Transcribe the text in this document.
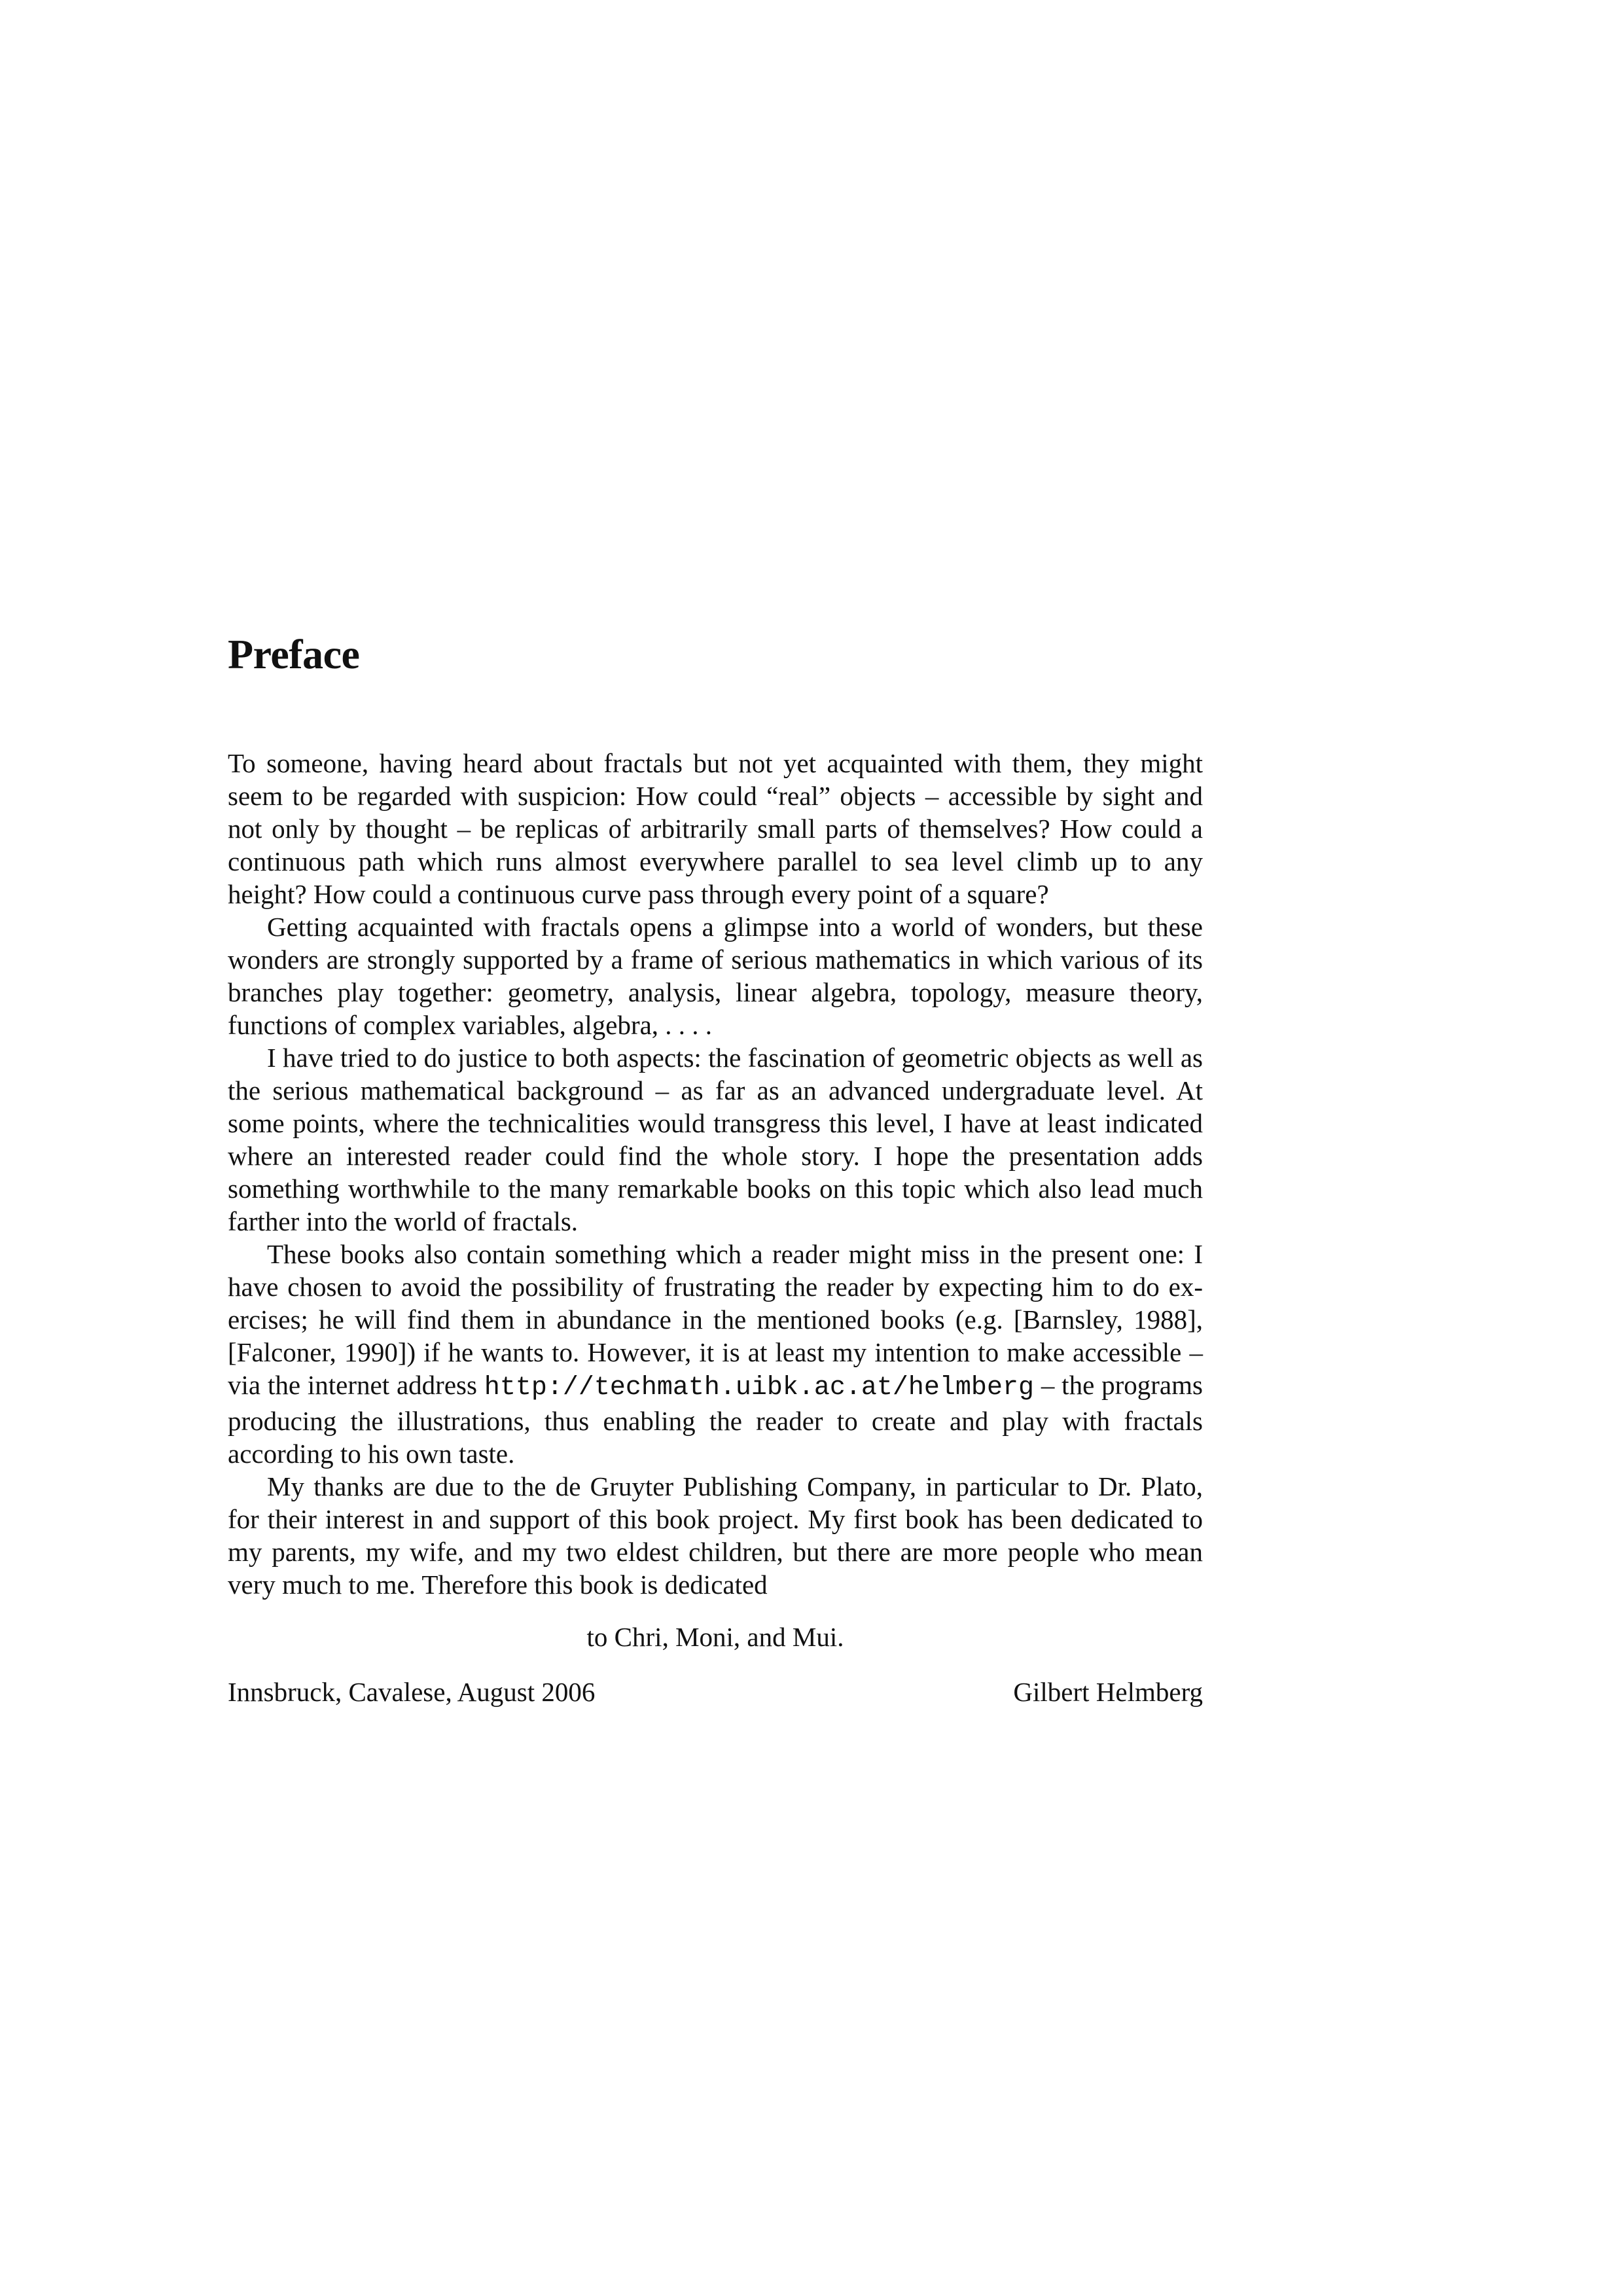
Preface

To someone, having heard about fractals but not yet acquainted with them, they might seem to be regarded with suspicion: How could “real” objects – accessible by sight and not only by thought – be replicas of arbitrarily small parts of themselves? How could a continuous path which runs almost everywhere parallel to sea level climb up to any height? How could a continuous curve pass through every point of a square?

Getting acquainted with fractals opens a glimpse into a world of wonders, but these wonders are strongly supported by a frame of serious mathematics in which various of its branches play together: geometry, analysis, linear algebra, topology, measure theory, functions of complex variables, algebra, . . . .

I have tried to do justice to both aspects: the fascination of geometric objects as well as the serious mathematical background – as far as an advanced undergraduate level. At some points, where the technicalities would transgress this level, I have at least indicated where an interested reader could find the whole story. I hope the presentation adds something worthwhile to the many remarkable books on this topic which also lead much farther into the world of fractals.

These books also contain something which a reader might miss in the present one: I have chosen to avoid the possibility of frustrating the reader by expecting him to do exercises; he will find them in abundance in the mentioned books (e.g. [Barnsley, 1988], [Falconer, 1990]) if he wants to. However, it is at least my intention to make accessible – via the internet address http://techmath.uibk.ac.at/helmberg – the programs producing the illustrations, thus enabling the reader to create and play with fractals according to his own taste.

My thanks are due to the de Gruyter Publishing Company, in particular to Dr. Plato, for their interest in and support of this book project. My first book has been dedicated to my parents, my wife, and my two eldest children, but there are more people who mean very much to me. Therefore this book is dedicated

to Chri, Moni, and Mui.

Innsbruck, Cavalese, August 2006	Gilbert Helmberg
